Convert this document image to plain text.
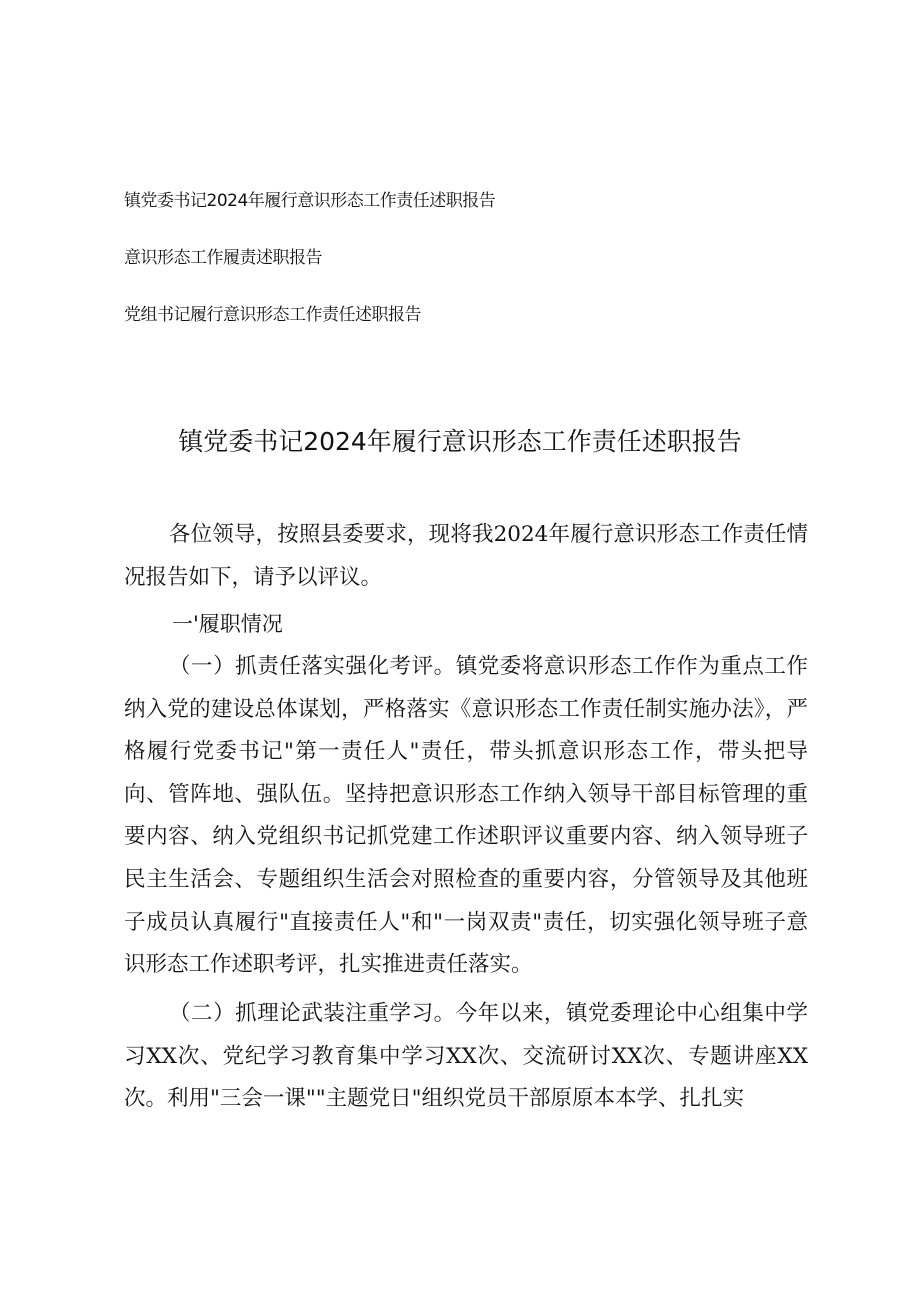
镇党委书记2024年履行意识形态工作责任述职报告
意识形态工作履责述职报告
党组书记履行意识形态工作责任述职报告
镇党委书记2024年履行意识形态工作责任述职报告

各位领导，按照县委要求，现将我2024年履行意识形态工作责任情况报告如下，请予以评议。

一'履职情况

（一）抓责任落实强化考评。镇党委将意识形态工作作为重点工作纳入党的建设总体谋划，严格落实《意识形态工作责任制实施办法》，严格履行党委书记"第一责任人"责任，带头抓意识形态工作，带头把导向、管阵地、强队伍。坚持把意识形态工作纳入领导干部目标管理的重要内容、纳入党组织书记抓党建工作述职评议重要内容、纳入领导班子民主生活会、专题组织生活会对照检查的重要内容，分管领导及其他班子成员认真履行"直接责任人"和"一岗双责"责任，切实强化领导班子意识形态工作述职考评，扎实推进责任落实。

（二）抓理论武装注重学习。今年以来，镇党委理论中心组集中学习XX次、党纪学习教育集中学习XX次、交流研讨XX次、专题讲座XX次。利用"三会一课""主题党日"组织党员干部原原本本学、扎扎实
